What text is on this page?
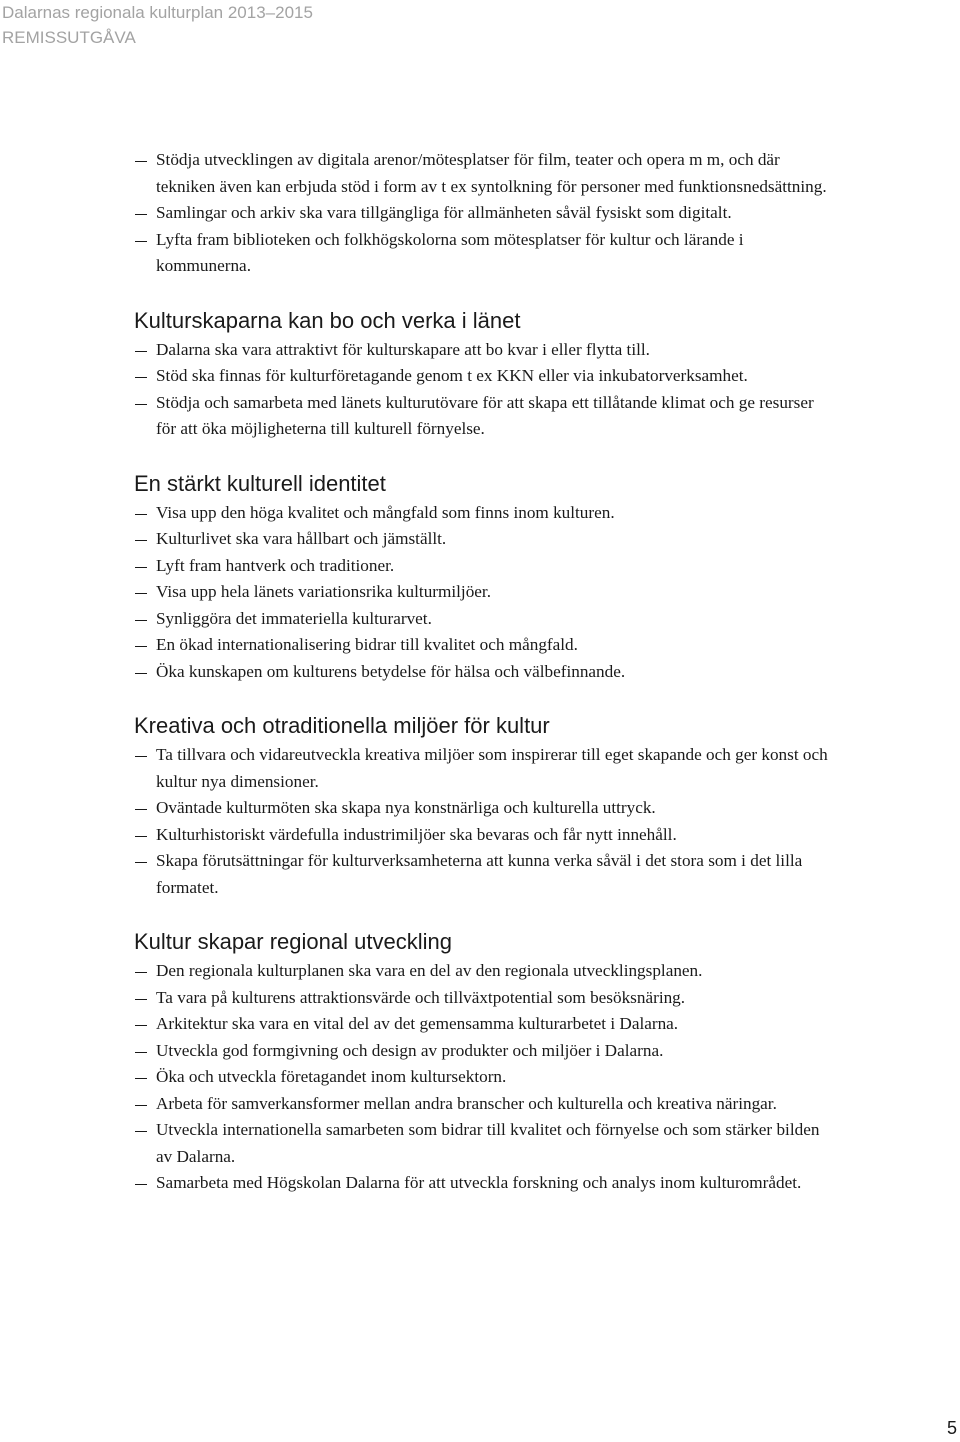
Dalarnas regionala kulturplan 2013–2015
REMISSUTGÅVA
Stödja utvecklingen av digitala arenor/mötesplatser för film, teater och opera m m, och där tekniken även kan erbjuda stöd i form av t ex syntolkning för personer med funktionsnedsättning.
Samlingar och arkiv ska vara tillgängliga för allmänheten såväl fysiskt som digitalt.
Lyfta fram biblioteken och folkhögskolorna som mötesplatser för kultur och lärande i kommunerna.
Kulturskaparna kan bo och verka i länet
Dalarna ska vara attraktivt för kulturskapare att bo kvar i eller flytta till.
Stöd ska finnas för kulturföretagande genom t ex KKN eller via inkubatorverksamhet.
Stödja och samarbeta med länets kulturutövare för att skapa ett tillåtande klimat och ge resurser för att öka möjligheterna till kulturell förnyelse.
En stärkt kulturell identitet
Visa upp den höga kvalitet och mångfald som finns inom kulturen.
Kulturlivet ska vara hållbart och jämställt.
Lyft fram hantverk och traditioner.
Visa upp hela länets variationsrika kulturmiljöer.
Synliggöra det immateriella kulturarvet.
En ökad internationalisering bidrar till kvalitet och mångfald.
Öka kunskapen om kulturens betydelse för hälsa och välbefinnande.
Kreativa och otraditionella miljöer för kultur
Ta tillvara och vidareutveckla kreativa miljöer som inspirerar till eget skapande och ger konst och kultur nya dimensioner.
Oväntade kulturmöten ska skapa nya konstnärliga och kulturella uttryck.
Kulturhistoriskt värdefulla industrimiljöer ska bevaras och får nytt innehåll.
Skapa förutsättningar för kulturverksamheterna att kunna verka såväl i det stora som i det lilla formatet.
Kultur skapar regional utveckling
Den regionala kulturplanen ska vara en del av den regionala utvecklingsplanen.
Ta vara på kulturens attraktionsvärde och tillväxtpotential som besöksnäring.
Arkitektur ska vara en vital del av det gemensamma kulturarbetet i Dalarna.
Utveckla god formgivning och design av produkter och miljöer i Dalarna.
Öka och utveckla företagandet inom kultursektorn.
Arbeta för samverkansformer mellan andra branscher och kulturella och kreativa näringar.
Utveckla internationella samarbeten som bidrar till kvalitet och förnyelse och som stärker bilden av Dalarna.
Samarbeta med Högskolan Dalarna för att utveckla forskning och analys inom kulturområdet.
5
